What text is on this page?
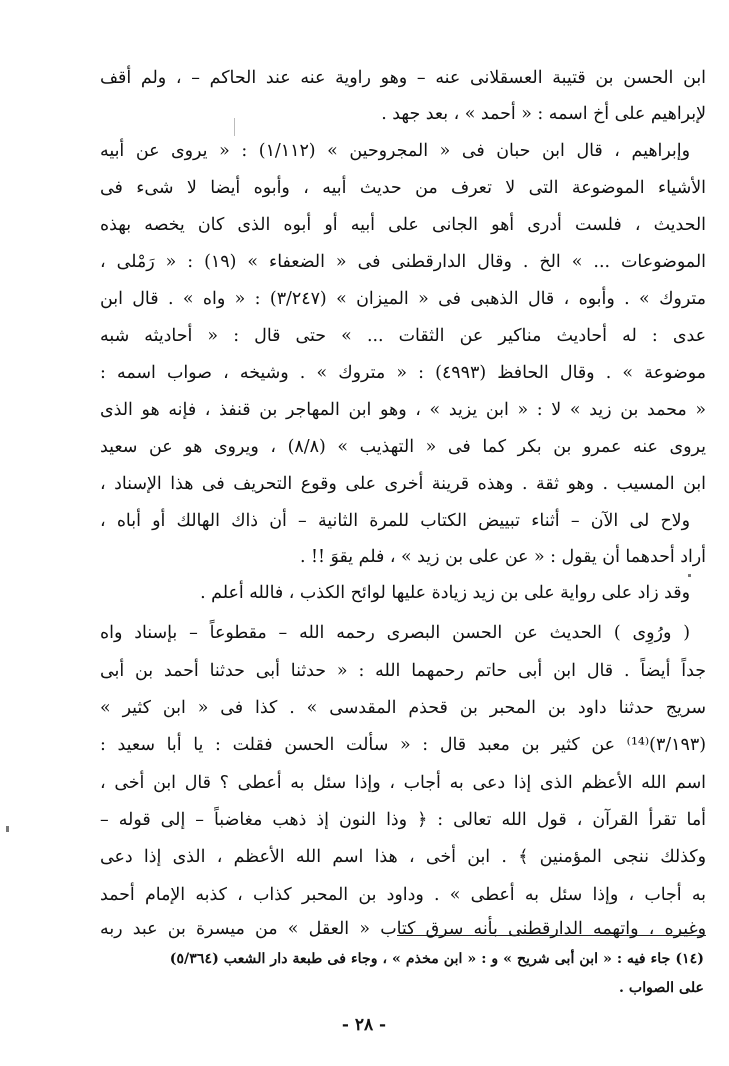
ابن الحسن بن قتيبة العسقلانى عنه – وهو راوية عنه عند الحاكم – ، ولم أقف
لإبراهيم على أخ اسمه : « أحمد » ، بعد جهد .
وإبراهيم ، قال ابن حبان فى « المجروحين » (١/١١٢) : « يروى عن أبيه
الأشياء الموضوعة التى لا تعرف من حديث أبيه ، وأبوه أيضا لا شىء فى
الحديث ، فلست أدرى أهو الجانى على أبيه أو أبوه الذى كان يخصه بهذه
الموضوعات ... » الخ . وقال الدارقطنى فى « الضعفاء » (١٩) : « رَمْلى ،
متروك » . وأبوه ، قال الذهبى فى « الميزان » (٣/٢٤٧) : « واه » . قال ابن
عدى : له أحاديث مناكير عن الثقات ... » حتى قال : « أحاديثه شبه
موضوعة » . وقال الحافظ (٤٩٩٣) : « متروك » . وشيخه ، صواب اسمه :
« محمد بن زيد » لا : « ابن يزيد » ، وهو ابن المهاجر بن قنفذ ، فإنه هو الذى
يروى عنه عمرو بن بكر كما فى « التهذيب » (٨/٨) ، ويروى هو عن سعيد
ابن المسيب . وهو ثقة . وهذه قرينة أخرى على وقوع التحريف فى هذا الإسناد ،
ولاح لى الآن – أثناء تبييض الكتاب للمرة الثانية – أن ذاك الهالك أو أباه ،
أراد أحدهما أن يقول : « عن على بن زيد » ، فلم يقوَ !! .
وقد زاد على رواية على بن زيد زيادة عليها لوائح الكذب ، فالله أعلم .
( ورُوِى ) الحديث عن الحسن البصرى رحمه الله – مقطوعاً – بإسناد واه
جداً أيضاً . قال ابن أبى حاتم رحمهما الله : « حدثنا أبى حدثنا أحمد بن أبى
سريج حدثنا داود بن المحبر بن قحذم المقدسى » . كذا فى « ابن كثير »
(٣/١٩٣)⁽¹⁴⁾ عن كثير بن معبد قال : « سألت الحسن فقلت : يا أبا سعيد :
اسم الله الأعظم الذى إذا دعى به أجاب ، وإذا سئل به أعطى ؟ قال ابن أخى ،
أما تقرأ القرآن ، قول الله تعالى : ﴿ وذا النون إذ ذهب مغاضباً – إلى قوله –
وكذلك ننجى المؤمنين ﴾ . ابن أخى ، هذا اسم الله الأعظم ، الذى إذا دعى
به أجاب ، وإذا سئل به أعطى » . وداود بن المحبر كذاب ، كذبه الإمام أحمد
وغيره ، واتهمه الدارقطنى بأنه سرق كتاب « العقل » من ميسرة بن عبد ربه
(١٤) جاء فيه : « ابن أبى شريح » و : « ابن مخذم » ، وجاء فى طبعة دار الشعب (٥/٣٦٤)
على الصواب .
- ٢٨ -
